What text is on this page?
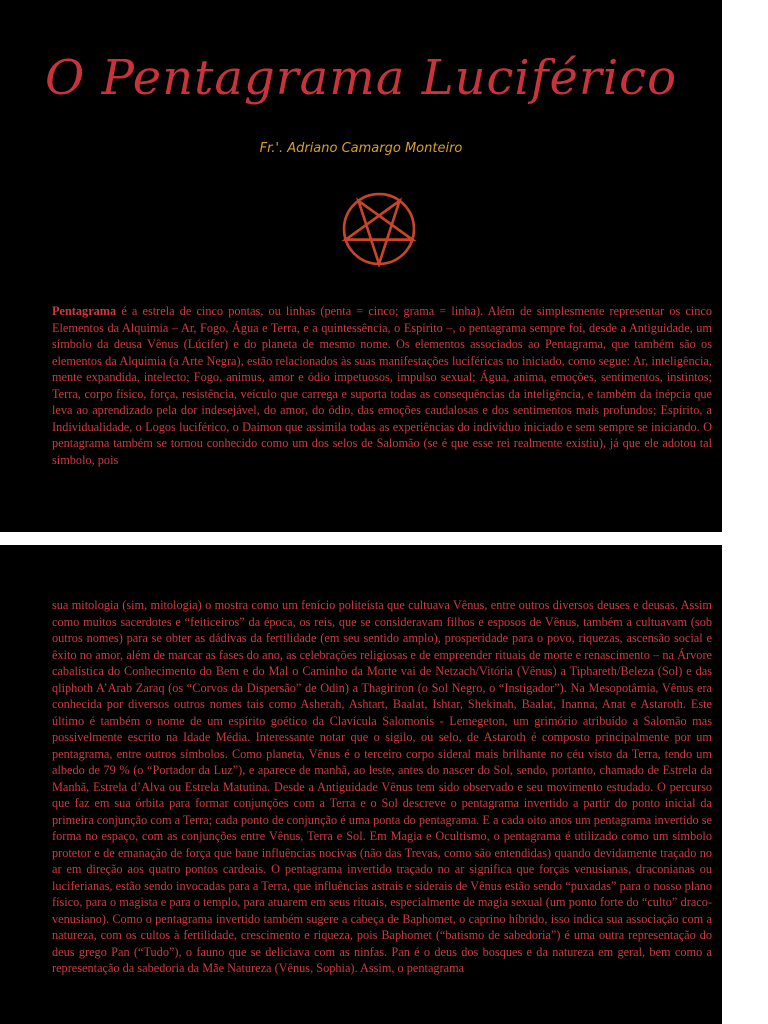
O Pentagrama Luciférico
Fr.'. Adriano Camargo Monteiro

Pentagrama é a estrela de cinco pontas, ou linhas (penta = cinco; grama = linha). Além de simplesmente representar os cinco Elementos da Alquimia – Ar, Fogo, Água e Terra, e a quintessência, o Espírito –, o pentagrama sempre foi, desde a Antiguidade, um símbolo da deusa Vênus (Lúcifer) e do planeta de mesmo nome. Os elementos associados ao Pentagrama, que também são os elementos da Alquimia (a Arte Negra), estão relacionados às suas manifestações luciféricas no iniciado, como segue: Ar, inteligência, mente expandida, intelecto; Fogo, animus, amor e ódio impetuosos, impulso sexual; Água, anima, emoções, sentimentos, instintos; Terra, corpo físico, força, resistência, veículo que carrega e suporta todas as consequências da inteligência, e também da inépcia que leva ao aprendizado pela dor indesejável, do amor, do ódio, das emoções caudalosas e dos sentimentos mais profundos; Espírito, a Individualidade, o Logos luciférico, o Daimon que assimila todas as experiências do indivíduo iniciado e sem sempre se iniciando. O pentagrama também se tornou conhecido como um dos selos de Salomão (se é que esse rei realmente existiu), já que ele adotou tal símbolo, pois

sua mitologia (sim, mitologia) o mostra como um fenício politeísta que cultuava Vênus, entre outros diversos deuses e deusas. Assim como muitos sacerdotes e “feiticeiros” da época, os reis, que se consideravam filhos e esposos de Vênus, também a cultuavam (sob outros nomes) para se obter as dádivas da fertilidade (em seu sentido amplo), prosperidade para o povo, riquezas, ascensão social e êxito no amor, além de marcar as fases do ano, as celebrações religiosas e de empreender rituais de morte e renascimento – na Árvore cabalística do Conhecimento do Bem e do Mal o Caminho da Morte vai de Netzach/Vitória (Vênus) a Tiphareth/Beleza (Sol) e das qliphoth A’Arab Zaraq (os “Corvos da Dispersão” de Odin) a Thagiriron (o Sol Negro, o “Instigador”). Na Mesopotâmia, Vênus era conhecida por diversos outros nomes tais como Asherah, Ashtart, Baalat, Ishtar, Shekinah, Baalat, Inanna, Anat e Astaroth. Este último é também o nome de um espírito goético da Clavícula Salomonis - Lemegeton, um grimório atribuído a Salomão mas possivelmente escrito na Idade Média. Interessante notar que o sigilo, ou selo, de Astaroth é composto principalmente por um pentagrama, entre outros símbolos. Como planeta, Vênus é o terceiro corpo sideral mais brilhante no céu visto da Terra, tendo um albedo de 79 % (o “Portador da Luz”), e aparece de manhã, ao leste, antes do nascer do Sol, sendo, portanto, chamado de Estrela da Manhã, Estrela d’Alva ou Estrela Matutina. Desde a Antiguidade Vênus tem sido observado e seu movimento estudado. O percurso que faz em sua órbita para formar conjunções com a Terra e o Sol descreve o pentagrama invertido a partir do ponto inicial da primeira conjunção com a Terra; cada ponto de conjunção é uma ponta do pentagrama. E a cada oito anos um pentagrama invertido se forma no espaço, com as conjunções entre Vênus, Terra e Sol. Em Magia e Ocultismo, o pentagrama é utilizado como um símbolo protetor e de emanação de força que bane influências nocivas (não das Trevas, como são entendidas) quando devidamente traçado no ar em direção aos quatro pontos cardeais. O pentagrama invertido traçado no ar significa que forças venusianas, draconianas ou luciferianas, estão sendo invocadas para a Terra, que influências astrais e siderais de Vênus estão sendo “puxadas” para o nosso plano físico, para o magista e para o templo, para atuarem em seus rituais, especialmente de magia sexual (um ponto forte do “culto” draco-venusiano). Como o pentagrama invertido também sugere a cabeça de Baphomet, o caprino híbrido, isso indica sua associação com a natureza, com os cultos à fertilidade, crescimento e riqueza, pois Baphomet (“batismo de sabedoria”) é uma outra representação do deus grego Pan (“Tudo”), o fauno que se deliciava com as ninfas. Pan é o deus dos bosques e da natureza em geral, bem como a representação da sabedoria da Mãe Natureza (Vênus, Sophia). Assim, o pentagrama
